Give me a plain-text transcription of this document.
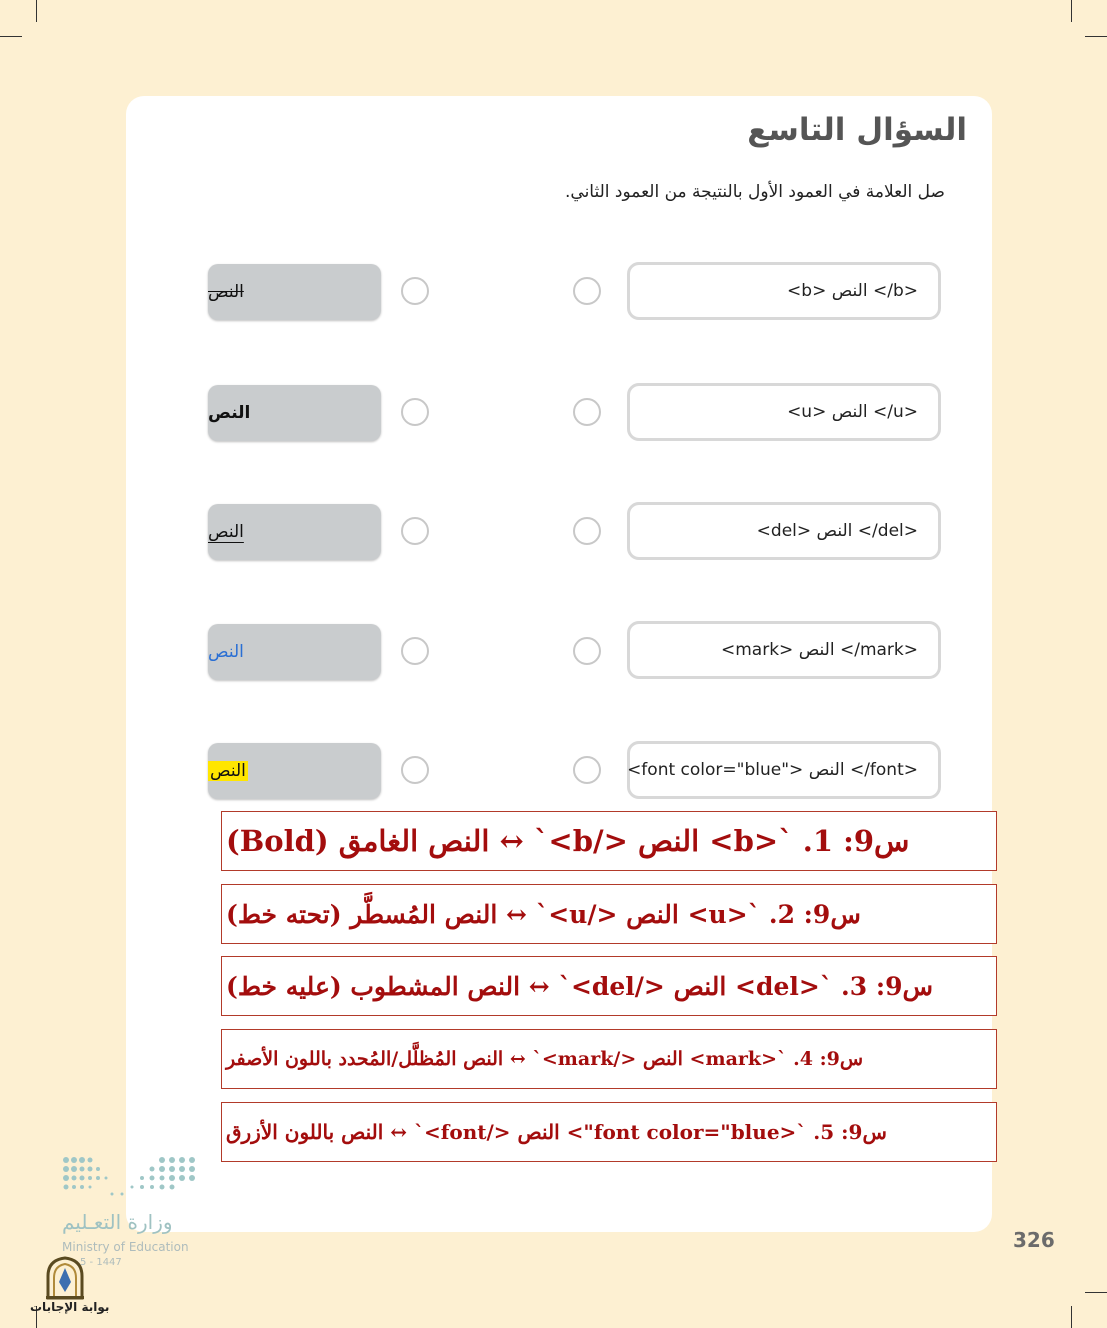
السؤال التاسع
صل العلامة في العمود الأول بالنتيجة من العمود الثاني.
<b> النص </b>
النص
<u> النص </u>
النص
<del> النص </del>
النص
<mark> النص </mark>
النص
<font color="blue"> النص </font>
النص
س9: 1. `<b> النص </b>` ↔ النص الغامق (Bold)
س9: 2. `<u> النص </u>` ↔ النص المُسطَّر (تحته خط)
س9: 3. `<del> النص </del>` ↔ النص المشطوب (عليه خط)
س9: 4. `<mark> النص </mark>` ↔ النص المُظلَّل/المُحدد باللون الأصفر
س9: 5. `<font color="blue"> النص </font>` ↔ النص باللون الأزرق
326
وزارة التعـليم
Ministry of Education
5 - 1447
بوابة الإجابات
